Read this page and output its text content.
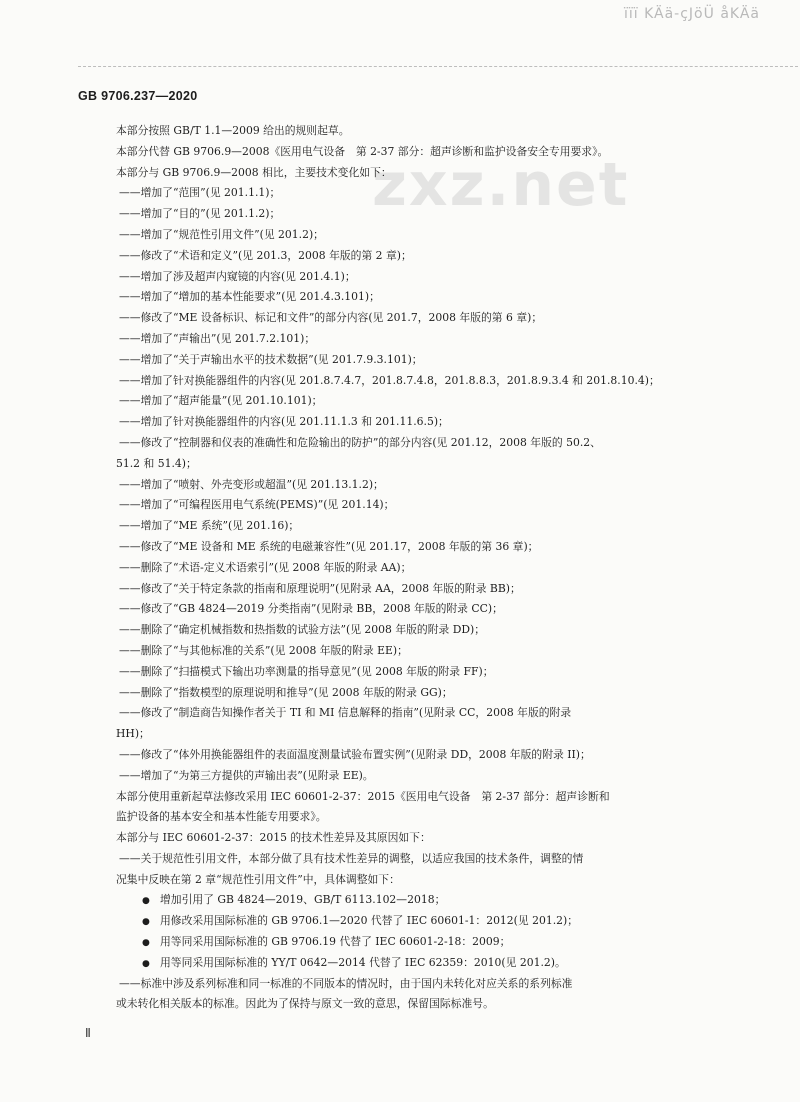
ïïï KÄä-çJöÜ åKÄä
zxz.net
GB 9706.237—2020
本部分按照 GB/T 1.1—2009 给出的规则起草。
本部分代替 GB 9706.9—2008《医用电气设备　第 2-37 部分：超声诊断和监护设备安全专用要求》。
本部分与 GB 9706.9—2008 相比，主要技术变化如下：
——增加了“范围”(见 201.1.1)；
——增加了“目的”(见 201.1.2)；
——增加了“规范性引用文件”(见 201.2)；
——修改了“术语和定义”(见 201.3，2008 年版的第 2 章)；
——增加了涉及超声内窥镜的内容(见 201.4.1)；
——增加了“增加的基本性能要求”(见 201.4.3.101)；
——修改了“ME 设备标识、标记和文件”的部分内容(见 201.7，2008 年版的第 6 章)；
——增加了“声输出”(见 201.7.2.101)；
——增加了“关于声输出水平的技术数据”(见 201.7.9.3.101)；
——增加了针对换能器组件的内容(见 201.8.7.4.7，201.8.7.4.8，201.8.8.3，201.8.9.3.4 和 201.8.10.4)；
——增加了“超声能量”(见 201.10.101)；
——增加了针对换能器组件的内容(见 201.11.1.3 和 201.11.6.5)；
——修改了“控制器和仪表的准确性和危险输出的防护”的部分内容(见 201.12，2008 年版的 50.2、
51.2 和 51.4)；
——增加了“喷射、外壳变形或超温”(见 201.13.1.2)；
——增加了“可编程医用电气系统(PEMS)”(见 201.14)；
——增加了“ME 系统”(见 201.16)；
——修改了“ME 设备和 ME 系统的电磁兼容性”(见 201.17，2008 年版的第 36 章)；
——删除了“术语-定义术语索引”(见 2008 年版的附录 AA)；
——修改了“关于特定条款的指南和原理说明”(见附录 AA，2008 年版的附录 BB)；
——修改了“GB 4824—2019 分类指南”(见附录 BB，2008 年版的附录 CC)；
——删除了“确定机械指数和热指数的试验方法”(见 2008 年版的附录 DD)；
——删除了“与其他标准的关系”(见 2008 年版的附录 EE)；
——删除了“扫描模式下输出功率测量的指导意见”(见 2008 年版的附录 FF)；
——删除了“指数模型的原理说明和推导”(见 2008 年版的附录 GG)；
——修改了“制造商告知操作者关于 TI 和 MI 信息解释的指南”(见附录 CC，2008 年版的附录
HH)；
——修改了“体外用换能器组件的表面温度测量试验布置实例”(见附录 DD，2008 年版的附录 II)；
——增加了“为第三方提供的声输出表”(见附录 EE)。
本部分使用重新起草法修改采用 IEC 60601-2-37：2015《医用电气设备　第 2-37 部分：超声诊断和
监护设备的基本安全和基本性能专用要求》。
本部分与 IEC 60601-2-37：2015 的技术性差异及其原因如下：
——关于规范性引用文件，本部分做了具有技术性差异的调整，以适应我国的技术条件，调整的情
况集中反映在第 2 章“规范性引用文件”中，具体调整如下：
● 增加引用了 GB 4824—2019、GB/T 6113.102—2018；
● 用修改采用国际标准的 GB 9706.1—2020 代替了 IEC 60601-1：2012(见 201.2)；
● 用等同采用国际标准的 GB 9706.19 代替了 IEC 60601-2-18：2009；
● 用等同采用国际标准的 YY/T 0642—2014 代替了 IEC 62359：2010(见 201.2)。
——标准中涉及系列标准和同一标准的不同版本的情况时，由于国内未转化对应关系的系列标准
或未转化相关版本的标准。因此为了保持与原文一致的意思，保留国际标准号。
Ⅱ
